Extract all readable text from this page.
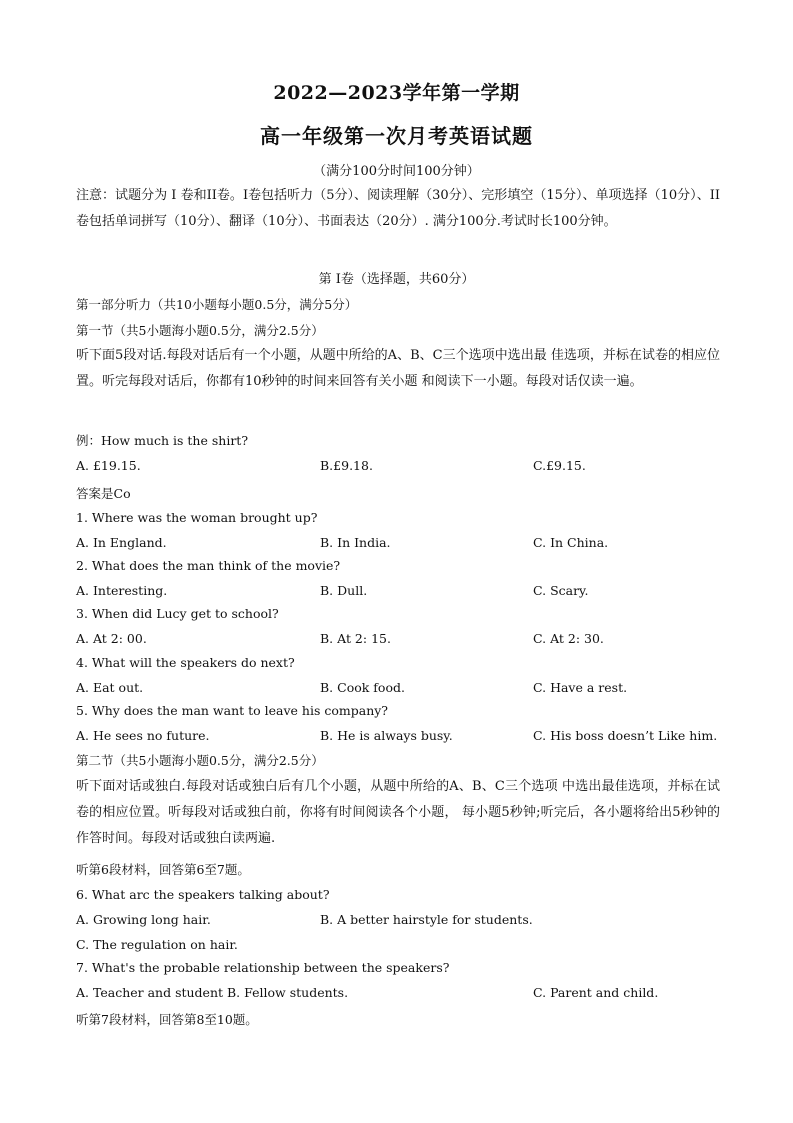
2022—2023学年第一学期
高一年级第一次月考英语试题
（满分100分时间100分钟）

注意：试题分为 I 卷和II卷。I卷包括听力（5分）、阅读理解（30分）、完形填空（15分）、单项选择（10分）、II卷包括单词拼写（10分）、翻译（10分）、书面表达（20分）. 满分100分.考试时长100分钟。

第 I卷（选择题，共60分）

第一部分听力（共10小题每小题0.5分，满分5分）

第一节（共5小题海小题0.5分，满分2.5分）

听下面5段对话.每段对话后有一个小题，从题中所给的A、B、C三个选项中选出最 佳选项，并标在试卷的相应位置。听完每段对话后，你都有10秒钟的时间来回答有关小题 和阅读下一小题。每段对话仅读一遍。

例：How much is the shirt?

A. £19.15.	B.£9.18.	C.£9.15.

答案是Co

1. Where was the woman brought up?

A. In England.	B. In India.	C. In China.

2. What does the man think of the movie?

A. Interesting.	B. Dull.	C. Scary.

3. When did Lucy get to school?

A. At 2: 00.	B. At 2: 15.	C. At 2: 30.

4. What will the speakers do next?

A. Eat out.	B. Cook food.	C. Have a rest.

5. Why does the man want to leave his company?

A. He sees no future.	B. He is always busy.	C. His boss doesn’t Like him.

第二节（共5小题海小题0.5分，满分2.5分）

听下面对话或独白.每段对话或独白后有几个小题，从题中所给的A、B、C三个选项 中选出最佳选项，并标在试卷的相应位置。听每段对话或独白前，你将有时间阅读各个小题， 每小题5秒钟;听完后，各小题将给出5秒钟的作答时间。每段对话或独白读两遍.

听第6段材料，回答第6至7题。

6. What arc the speakers talking about?

A. Growing long hair.	B. A better hairstyle for students.
C. The regulation on hair.

7. What's the probable relationship between the speakers?

A. Teacher and student B. Fellow students.	C. Parent and child.

听第7段材料，回答第8至10题。
